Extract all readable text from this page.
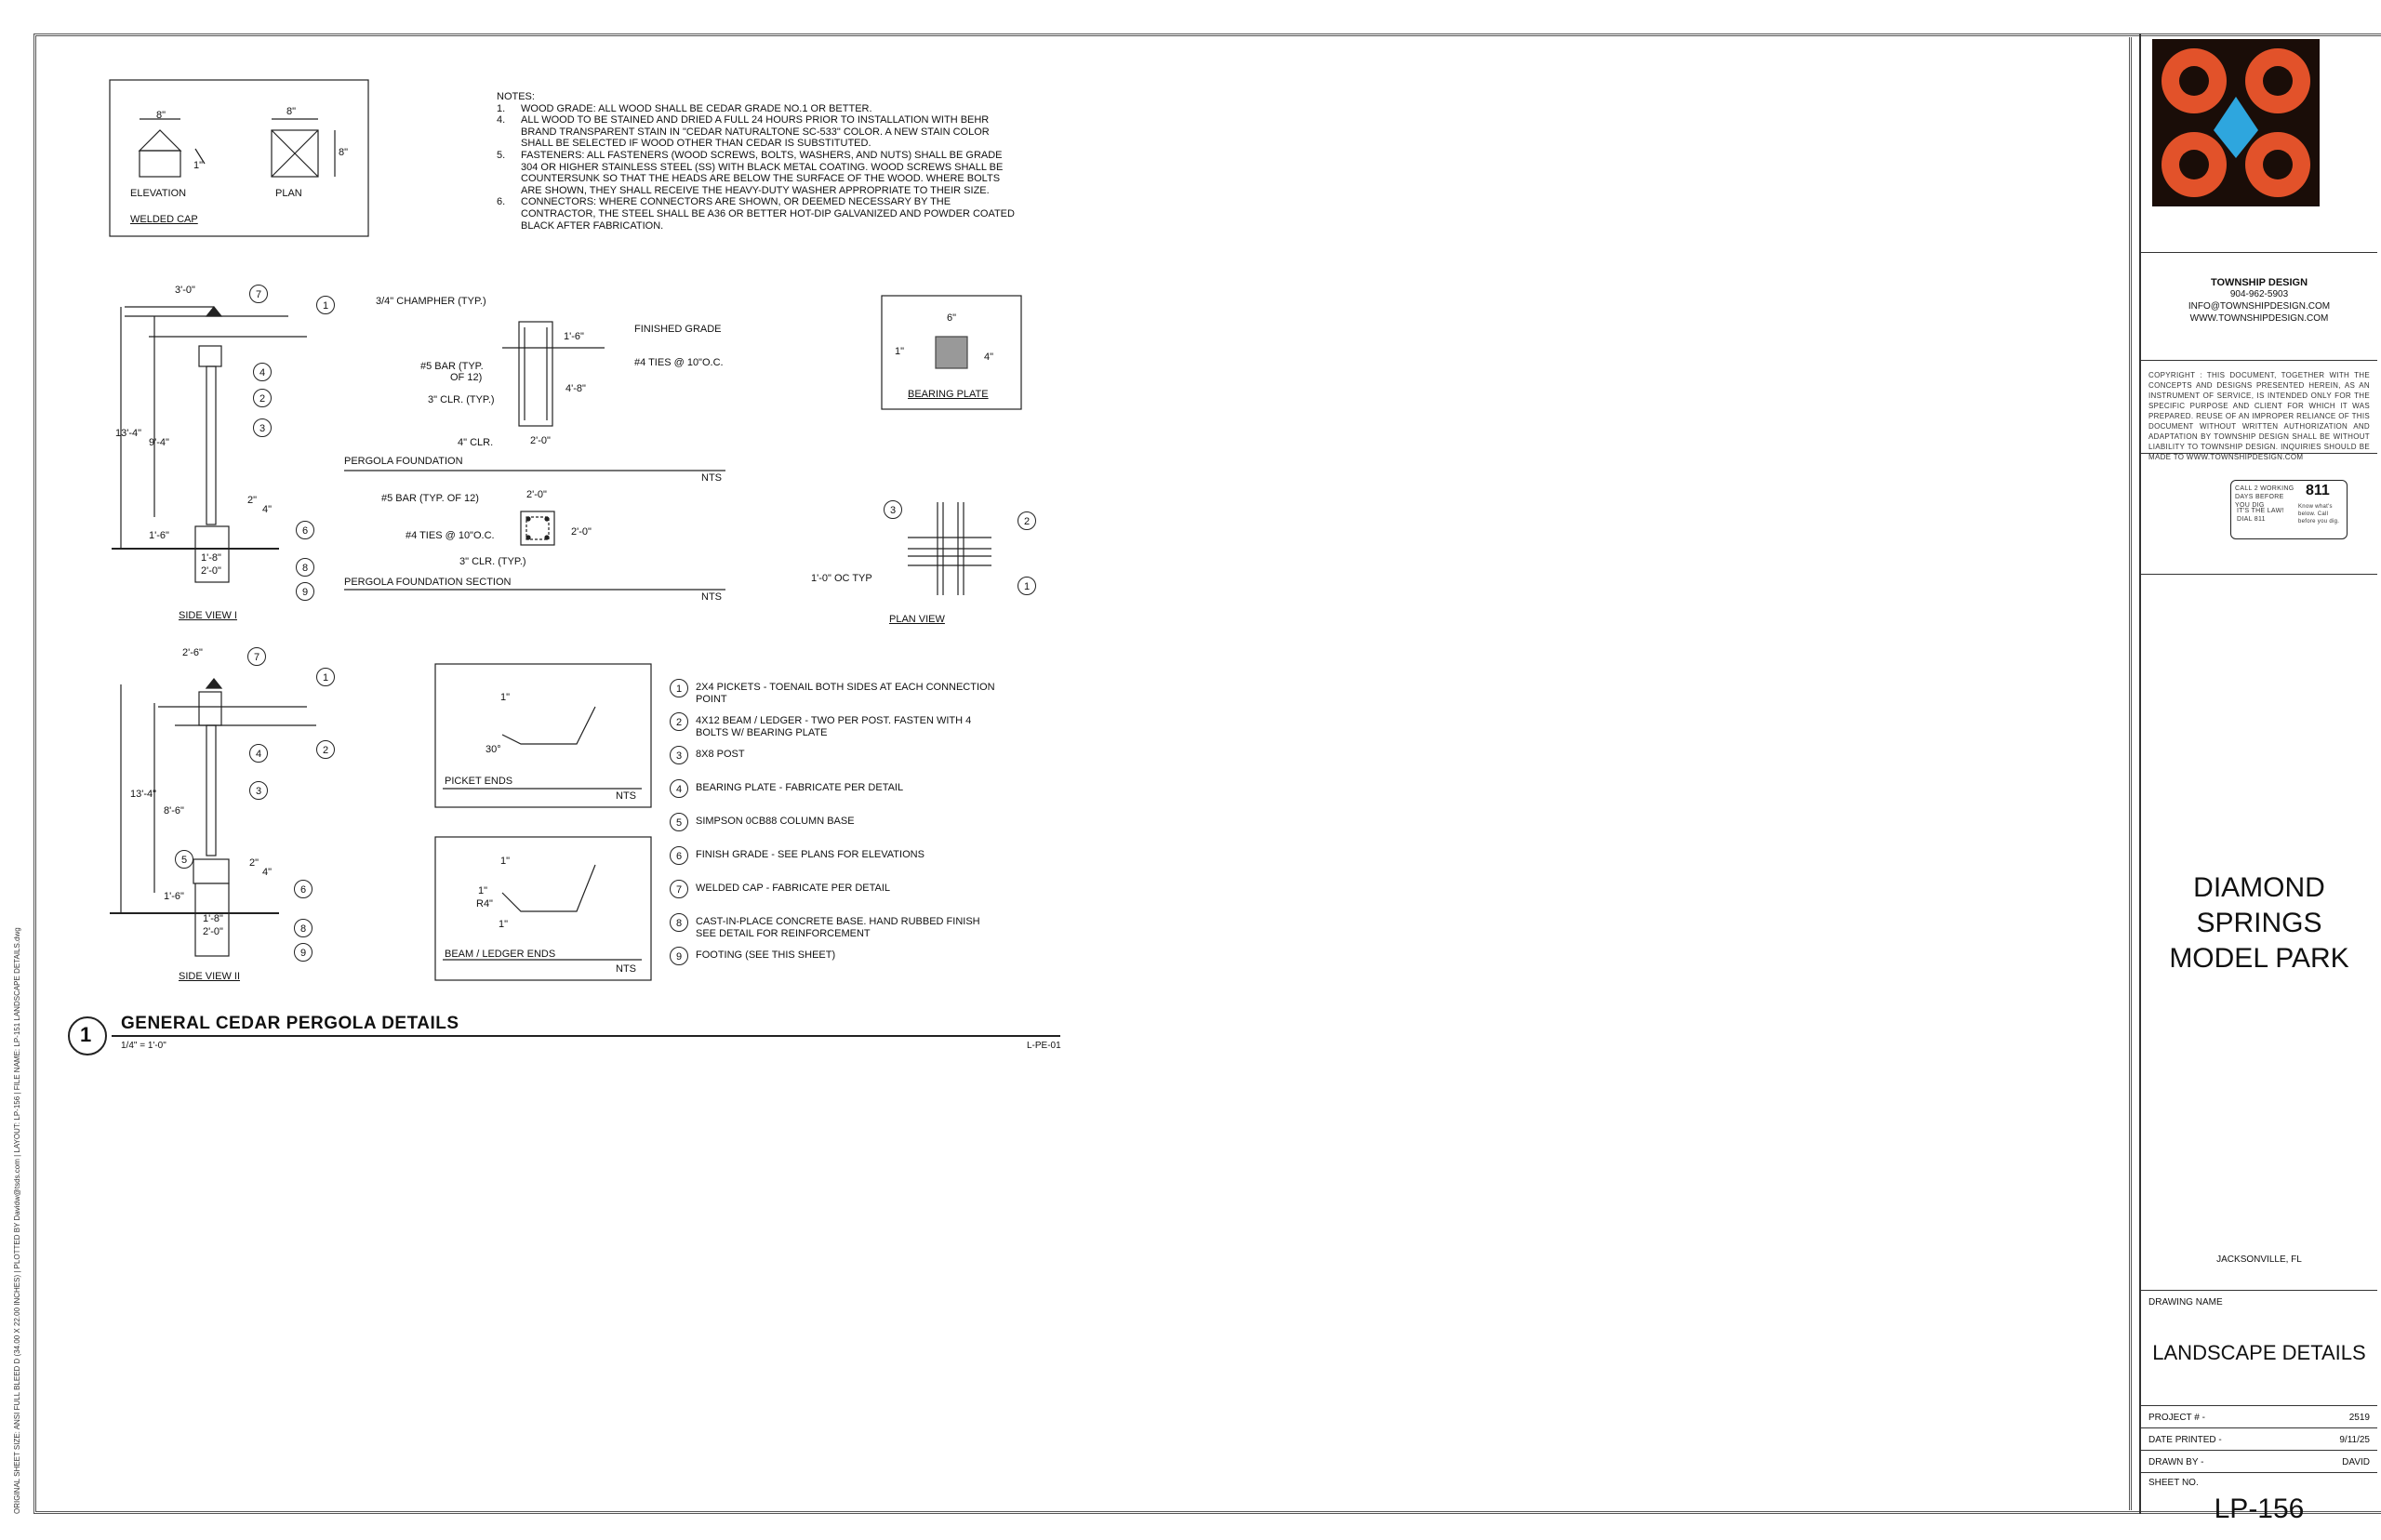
ORIGINAL SHEET SIZE: ANSI FULL BLEED D (34.00 X 22.00 INCHES) | PLOTTED BY Davidw@tsds.com | LAYOUT: LP-156 | FILE NAME: LP-151 LANDSCAPE DETAILS.dwg
NOTES:
1.	WOOD GRADE: ALL WOOD SHALL BE CEDAR GRADE NO.1 OR BETTER.
4.	ALL WOOD TO BE STAINED AND DRIED A FULL 24 HOURS PRIOR TO INSTALLATION WITH BEHR BRAND TRANSPARENT STAIN IN "CEDAR NATURALTONE SC-533" COLOR. A NEW STAIN COLOR SHALL BE SELECTED IF WOOD OTHER THAN CEDAR IS SUBSTITUTED.
5.	FASTENERS: ALL FASTENERS (WOOD SCREWS, BOLTS, WASHERS, AND NUTS) SHALL BE GRADE 304 OR HIGHER STAINLESS STEEL (SS) WITH BLACK METAL COATING. WOOD SCREWS SHALL BE COUNTERSUNK SO THAT THE HEADS ARE BELOW THE SURFACE OF THE WOOD. WHERE BOLTS ARE SHOWN, THEY SHALL RECEIVE THE HEAVY-DUTY WASHER APPROPRIATE TO THEIR SIZE.
6.	CONNECTORS: WHERE CONNECTORS ARE SHOWN, OR DEEMED NECESSARY BY THE CONTRACTOR, THE STEEL SHALL BE A36 OR BETTER HOT-DIP GALVANIZED AND POWDER COATED BLACK AFTER FABRICATION.
8"	8"
8"
1"
ELEVATION	PLAN
WELDED CAP
3'-0"
13'-4"
9'-4"
1'-6"
2"
4"
1'-8"
2'-0"
SIDE VIEW I
7
1
4
2
3
6
8
9
2'-6"
13'-4"
8'-6"
1'-6"
2"
4"
1'-8"
2'-0"
SIDE VIEW II
7
1
2
4
3
5
6
8
9
3/4" CHAMPHER (TYP.)
FINISHED GRADE
#5 BAR (TYP.
OF 12)
#4 TIES @ 10"O.C.
3" CLR. (TYP.)
4" CLR.
1'-6"
4'-8"
2'-0"
PERGOLA FOUNDATION
NTS
#5 BAR (TYP. OF 12)
#4 TIES @ 10"O.C.
3" CLR. (TYP.)
2'-0"
2'-0"
PERGOLA FOUNDATION SECTION
NTS
6"
4"
1"
BEARING PLATE
3
2
1
1'-0" OC TYP
PLAN VIEW
1"
30°
PICKET ENDS
NTS
1"
1"
R4"
1"
BEAM / LEDGER ENDS
NTS
1	2X4 PICKETS - TOENAIL BOTH SIDES AT EACH CONNECTION POINT
2	4X12 BEAM / LEDGER - TWO PER POST. FASTEN WITH 4 BOLTS W/ BEARING PLATE
3	8X8 POST
4	BEARING PLATE - FABRICATE PER DETAIL
5	SIMPSON 0CB88 COLUMN BASE
6	FINISH GRADE - SEE PLANS FOR ELEVATIONS
7	WELDED CAP - FABRICATE PER DETAIL
8	CAST-IN-PLACE CONCRETE BASE. HAND RUBBED FINISH SEE DETAIL FOR REINFORCEMENT
9	FOOTING (SEE THIS SHEET)
1 GENERAL CEDAR PERGOLA DETAILS
1/4" = 1'-0"	L-PE-01
TOWNSHIP DESIGN
904-962-5903
INFO@TOWNSHIPDESIGN.COM
WWW.TOWNSHIPDESIGN.COM
COPYRIGHT : THIS DOCUMENT, TOGETHER WITH THE CONCEPTS AND DESIGNS PRESENTED HEREIN, AS AN INSTRUMENT OF SERVICE, IS INTENDED ONLY FOR THE SPECIFIC PURPOSE AND CLIENT FOR WHICH IT WAS PREPARED. REUSE OF AN IMPROPER RELIANCE OF THIS DOCUMENT WITHOUT WRITTEN AUTHORIZATION AND ADAPTATION BY TOWNSHIP DESIGN SHALL BE WITHOUT LIABILITY TO TOWNSHIP DESIGN. INQUIRIES SHOULD BE MADE TO WWW.TOWNSHIPDESIGN.COM
CALL 2 WORKING DAYS BEFORE YOU DIG
IT'S THE LAW! DIAL 811
811
Know what's below. Call before you dig.
DIAMOND
SPRINGS
MODEL PARK
JACKSONVILLE, FL
DRAWING NAME
LANDSCAPE DETAILS
PROJECT # -	2519
DATE PRINTED -	9/11/25
DRAWN BY -	DAVID
SHEET NO.
LP-156
